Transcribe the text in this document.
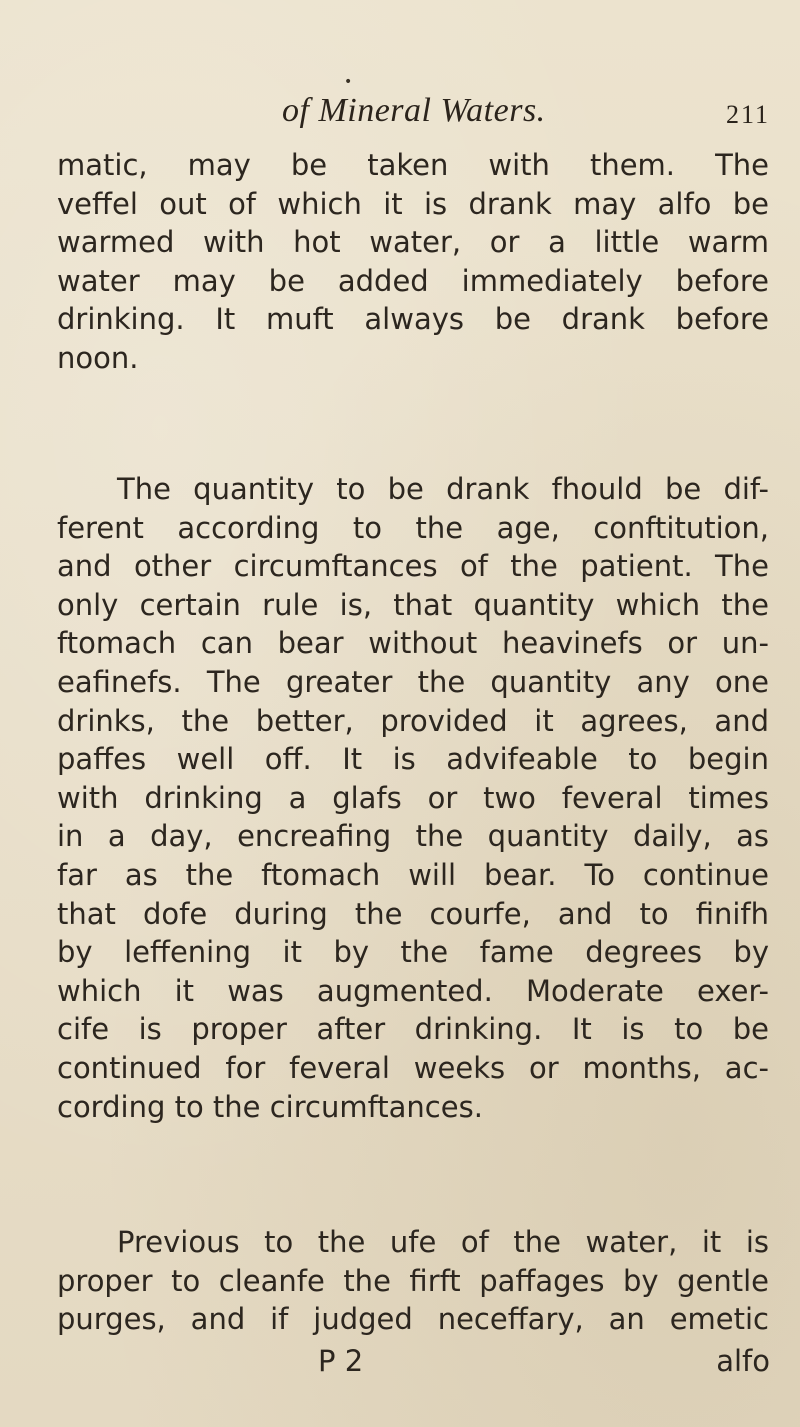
•
of Mineral Waters.	211
matic, may be taken with them. The
veffel out of which it is drank may alfo be
warmed with hot water, or a little warm
water may be added immediately before
drinking. It muft always be drank before
noon.
The quantity to be drank fhould be dif-
ferent according to the age, conftitution,
and other circumftances of the patient. The
only certain rule is, that quantity which the
ftomach can bear without heavinefs or un-
eafinefs. The greater the quantity any one
drinks, the better, provided it agrees, and
paffes well off. It is advifeable to begin
with drinking a glafs or two feveral times
in a day, encreafing the quantity daily, as
far as the ftomach will bear. To continue
that dofe during the courfe, and to finifh
by leffening it by the fame degrees by
which it was augmented. Moderate exer-
cife is proper after drinking. It is to be
continued for feveral weeks or months, ac-
cording to the circumftances.
Previous to the ufe of the water, it is
proper to cleanfe the firft paffages by gentle
purges, and if judged neceffary, an emetic
P 2	alfo
